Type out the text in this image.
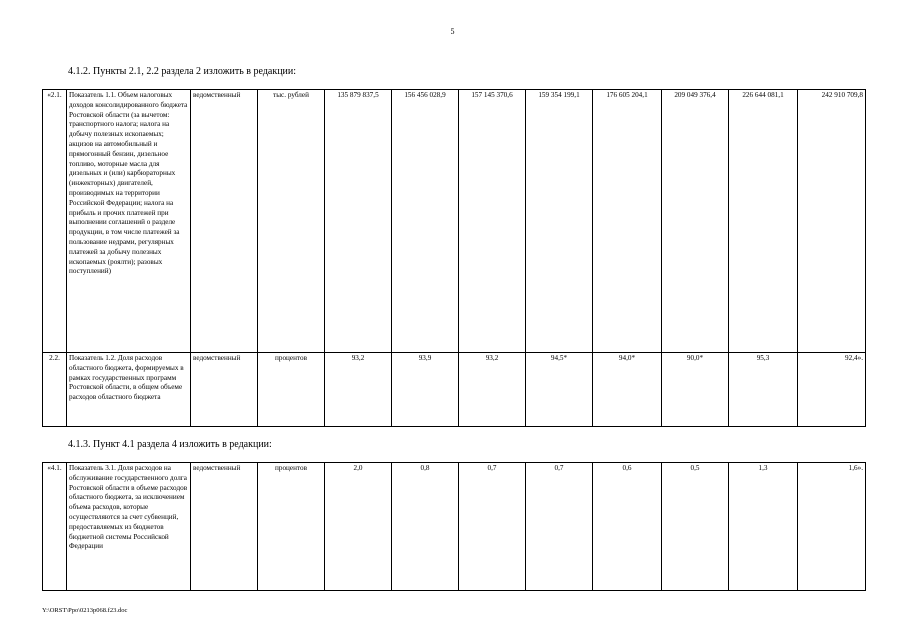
5
4.1.2. Пункты 2.1, 2.2 раздела 2 изложить в редакции:
«2.1.	Показатель 1.1. Объем налоговых доходов консолидированного бюджета Ростовской области (за вычетом: транспортного налога; налога на добычу полезных ископаемых; акцизов на автомобильный и прямогонный бензин, дизельное топливо, моторные масла для дизельных и (или) карбюраторных (инжекторных) двигателей, производимых на территории Российской Федерации; налога на прибыль и прочих платежей при выполнении соглашений о разделе продукции, в том числе платежей за пользование недрами, регулярных платежей за добычу полезных ископаемых (роялти); разовых поступлений)	ведомственный	тыс. рублей	135 879 837,5	156 456 028,9	157 145 370,6	159 354 199,1	176 605 204,1	209 049 376,4	226 644 081,1	242 910 709,8
2.2.	Показатель 1.2. Доля расходов областного бюджета, формируемых в рамках государственных программ Ростовской области, в общем объеме расходов областного бюджета	ведомственный	процентов	93,2	93,9	93,2	94,5*	94,0*	90,0*	95,3	92,4».
4.1.3. Пункт 4.1 раздела 4 изложить в редакции:
«4.1.	Показатель 3.1. Доля расходов на обслуживание государственного долга Ростовской области в объеме расходов областного бюджета, за исключением объема расходов, которые осуществляются за счет субвенций, предоставляемых из бюджетов бюджетной системы Российской Федерации	ведомственный	процентов	2,0	0,8	0,7	0,7	0,6	0,5	1,3	1,6».
Y:\ORST\Ppo\0213p068.f23.doc
